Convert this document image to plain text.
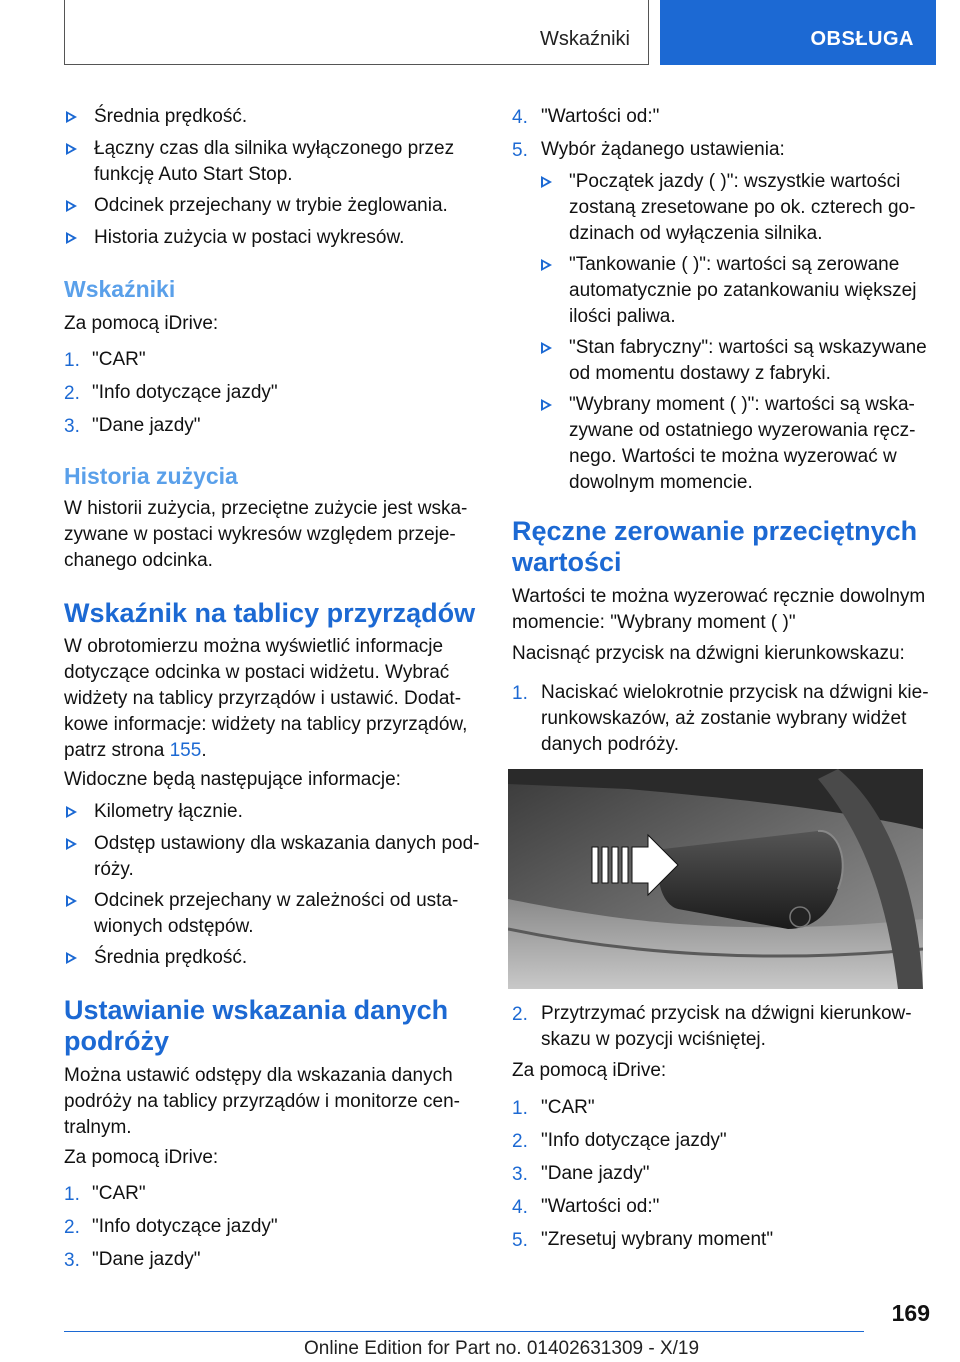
Wskaźniki	OBSŁUGA
Średnia prędkość.
Łączny czas dla silnika wyłączonego przez
funkcję Auto Start Stop.
Odcinek przejechany w trybie żeglowania.
Historia zużycia w postaci wykresów.
Wskaźniki
Za pomocą iDrive:
1. "CAR"
2. "Info dotyczące jazdy"
3. "Dane jazdy"
Historia zużycia
W historii zużycia, przeciętne zużycie jest wska-
zywane w postaci wykresów względem przeje-
chanego odcinka.
Wskaźnik na tablicy przyrządów
W obrotomierzu można wyświetlić informacje
dotyczące odcinka w postaci widżetu. Wybrać
widżety na tablicy przyrządów i ustawić. Dodat-
kowe informacje: widżety na tablicy przyrządów,
patrz strona 155.
Widoczne będą następujące informacje:
Kilometry łącznie.
Odstęp ustawiony dla wskazania danych pod-
róży.
Odcinek przejechany w zależności od usta-
wionych odstępów.
Średnia prędkość.
Ustawianie wskazania danych
podróży
Można ustawić odstępy dla wskazania danych
podróży na tablicy przyrządów i monitorze cen-
tralnym.
Za pomocą iDrive:
1. "CAR"
2. "Info dotyczące jazdy"
3. "Dane jazdy"
4. "Wartości od:"
5. Wybór żądanego ustawienia:
"Początek jazdy ( )": wszystkie wartości
zostaną zresetowane po ok. czterech go-
dzinach od wyłączenia silnika.
"Tankowanie ( )": wartości są zerowane
automatycznie po zatankowaniu większej
ilości paliwa.
"Stan fabryczny": wartości są wskazywane
od momentu dostawy z fabryki.
"Wybrany moment ( )": wartości są wska-
zywane od ostatniego wyzerowania ręcz-
nego. Wartości te można wyzerować w
dowolnym momencie.
Ręczne zerowanie przeciętnych
wartości
Wartości te można wyzerować ręcznie dowolnym
momencie: "Wybrany moment ( )"
Nacisnąć przycisk na dźwigni kierunkowskazu:
1. Naciskać wielokrotnie przycisk na dźwigni kie-
runkowskazów, aż zostanie wybrany widżet
danych podróży.
2. Przytrzymać przycisk na dźwigni kierunkow-
skazu w pozycji wciśniętej.
Za pomocą iDrive:
1. "CAR"
2. "Info dotyczące jazdy"
3. "Dane jazdy"
4. "Wartości od:"
5. "Zresetuj wybrany moment"
169
Online Edition for Part no. 01402631309 - X/19
